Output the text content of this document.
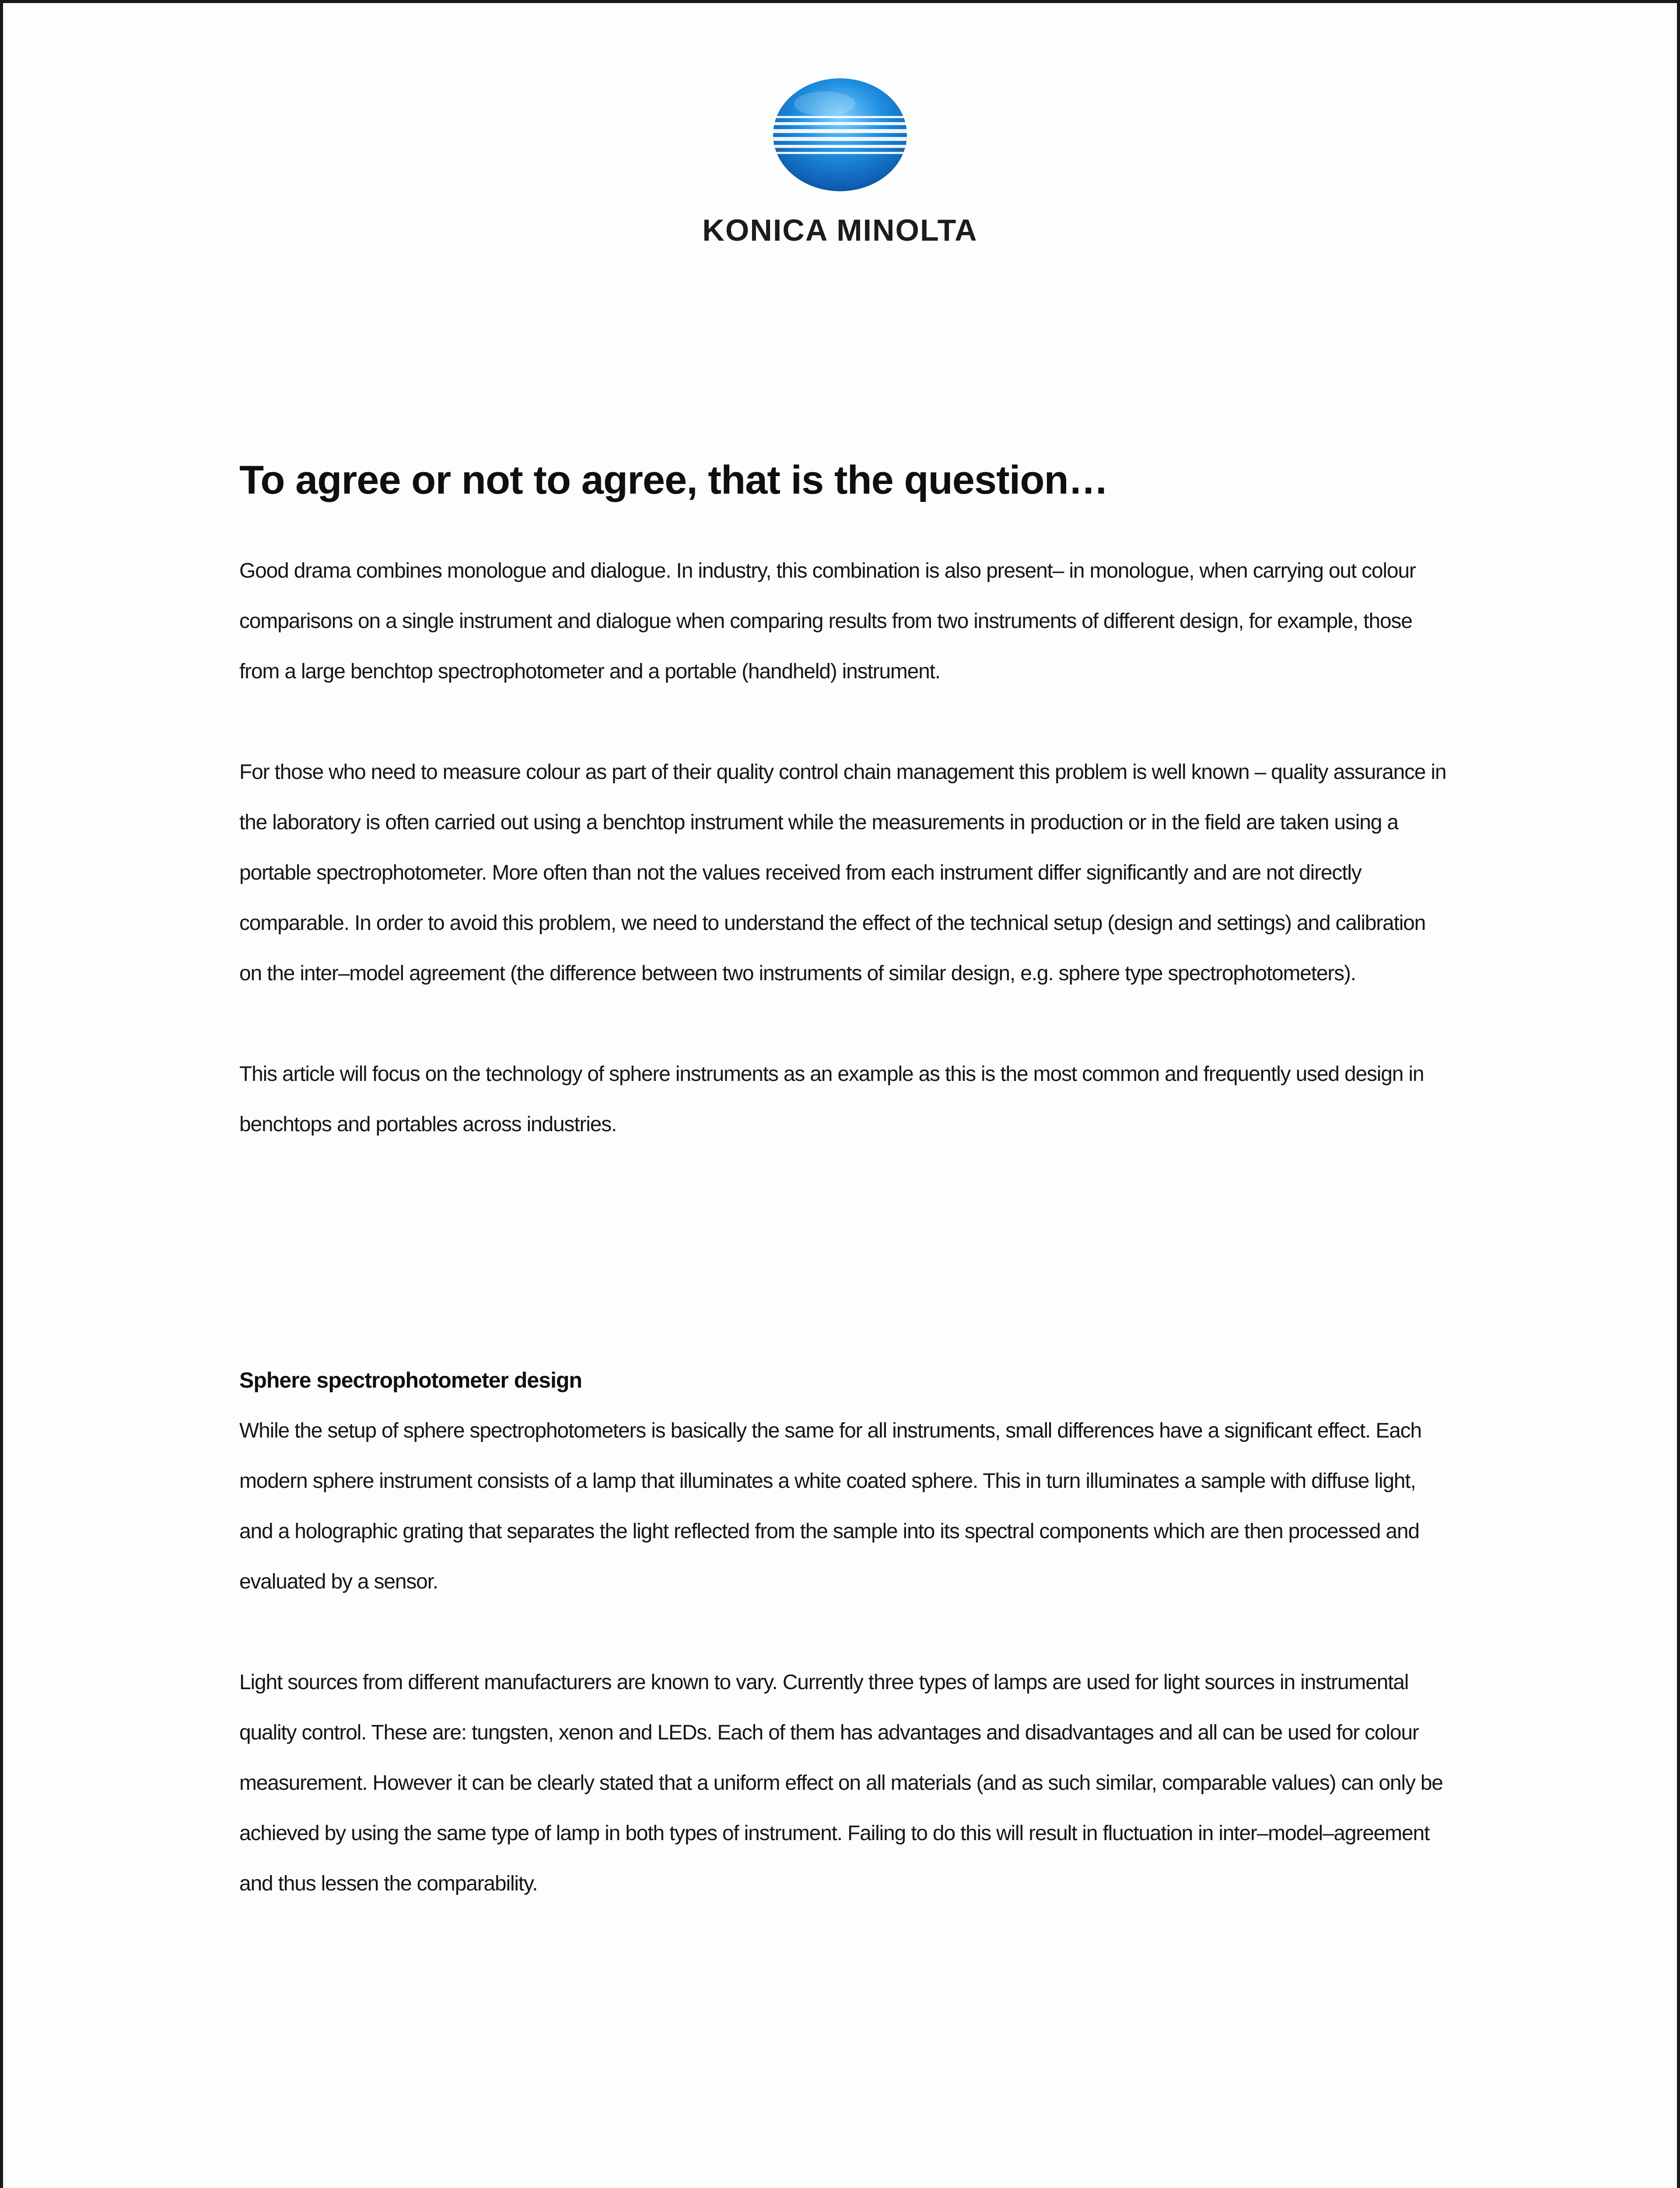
KONICA MINOLTA
To agree or not to agree, that is the question…

Good drama combines monologue and dialogue. In industry, this combination is also present– in monologue, when carrying out colour comparisons on a single instrument and dialogue when comparing results from two instruments of different design, for example, those from a large benchtop spectrophotometer and a portable (handheld) instrument.

For those who need to measure colour as part of their quality control chain management this problem is well known – quality assurance in the laboratory is often carried out using a benchtop instrument while the measurements in production or in the field are taken using a portable spectrophotometer. More often than not the values received from each instrument differ significantly and are not directly comparable. In order to avoid this problem, we need to understand the effect of the technical setup (design and settings) and calibration on the inter–model agreement (the difference between two instruments of similar design, e.g. sphere type spectrophotometers).

This article will focus on the technology of sphere instruments as an example as this is the most common and frequently used design in benchtops and portables across industries.

Sphere spectrophotometer design

While the setup of sphere spectrophotometers is basically the same for all instruments, small differences have a significant effect. Each modern sphere instrument consists of a lamp that illuminates a white coated sphere. This in turn illuminates a sample with diffuse light, and a holographic grating that separates the light reflected from the sample into its spectral components which are then processed and evaluated by a sensor.

Light sources from different manufacturers are known to vary. Currently three types of lamps are used for light sources in instrumental quality control. These are: tungsten, xenon and LEDs. Each of them has advantages and disadvantages and all can be used for colour measurement. However it can be clearly stated that a uniform effect on all materials (and as such similar, comparable values) can only be achieved by using the same type of lamp in both types of instrument. Failing to do this will result in fluctuation in inter–model–agreement and thus lessen the comparability.
